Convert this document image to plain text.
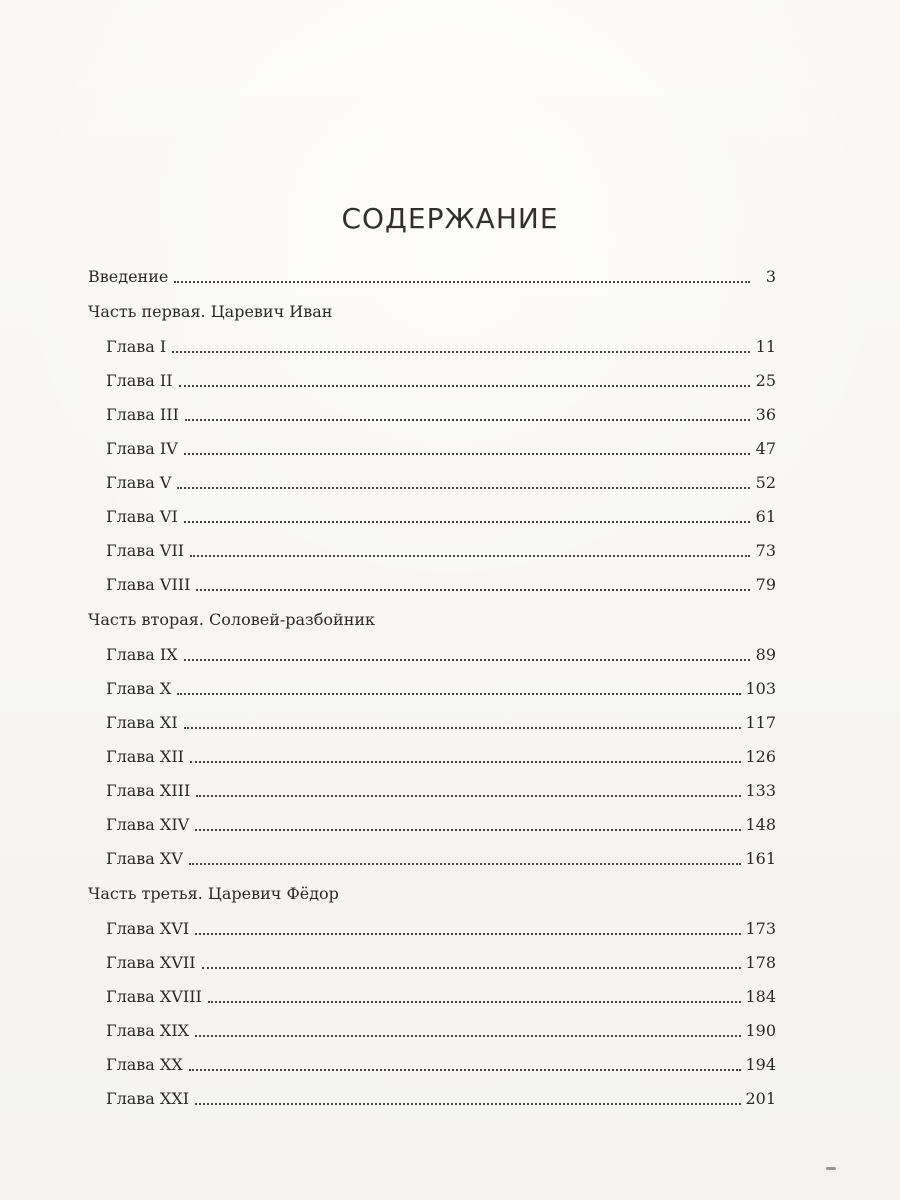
СОДЕРЖАНИЕ
Введение	3
Часть первая. Царевич Иван
Глава I	11
Глава II	25
Глава III	36
Глава IV	47
Глава V	52
Глава VI	61
Глава VII	73
Глава VIII	79
Часть вторая. Соловей-разбойник
Глава IX	89
Глава X	103
Глава XI	117
Глава XII	126
Глава XIII	133
Глава XIV	148
Глава XV	161
Часть третья. Царевич Фёдор
Глава XVI	173
Глава XVII	178
Глава XVIII	184
Глава XIX	190
Глава XX	194
Глава XXI	201
